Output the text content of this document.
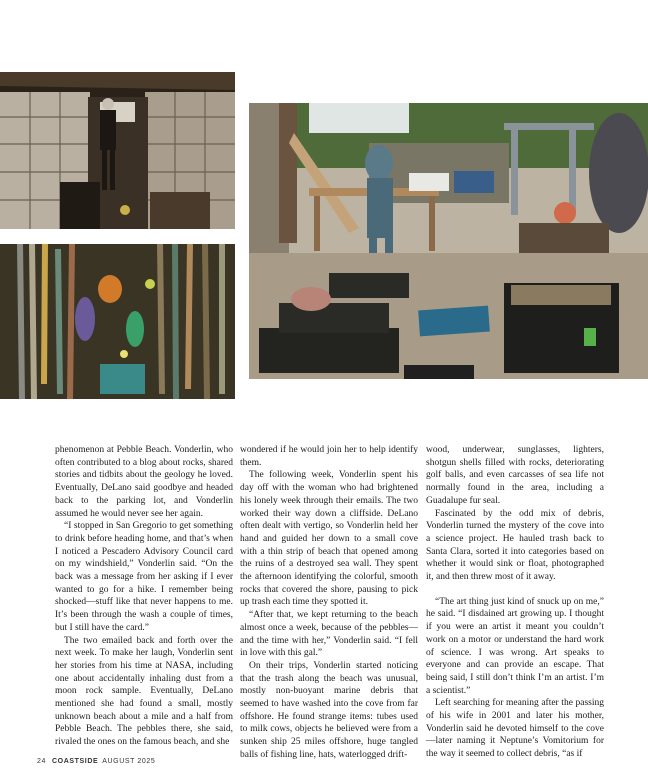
phenomenon at Pebble Beach. Vonderlin, who often contributed to a blog about rocks, shared stories and tidbits about the geology he loved. Eventually, DeLano said goodbye and headed back to the parking lot, and Vonderlin assumed he would never see her again.

“I stopped in San Gregorio to get something to drink before heading home, and that’s when I noticed a Pescadero Advisory Council card on my windshield,” Vonderlin said. “On the back was a message from her asking if I ever wanted to go for a hike. I remember being shocked—stuff like that never happens to me. It’s been through the wash a couple of times, but I still have the card.”

The two emailed back and forth over the next week. To make her laugh, Vonderlin sent her stories from his time at NASA, including one about accidentally inhaling dust from a moon rock sample. Eventually, DeLano mentioned she had found a small, mostly unknown beach about a mile and a half from Pebble Beach. The pebbles there, she said, rivaled the ones on the famous beach, and she

wondered if he would join her to help identify them.

The following week, Vonderlin spent his day off with the woman who had brightened his lonely week through their emails. The two worked their way down a cliffside. DeLano often dealt with vertigo, so Vonderlin held her hand and guided her down to a small cove with a thin strip of beach that opened among the ruins of a destroyed sea wall. They spent the afternoon identifying the colorful, smooth rocks that covered the shore, pausing to pick up trash each time they spotted it.

“After that, we kept returning to the beach almost once a week, because of the pebbles—and the time with her,” Vonderlin said. “I fell in love with this gal.”

On their trips, Vonderlin started noticing that the trash along the beach was unusual, mostly non-buoyant marine debris that seemed to have washed into the cove from far offshore. He found strange items: tubes used to milk cows, objects he believed were from a sunken ship 25 miles offshore, huge tangled balls of fishing line, hats, waterlogged drift-

wood, underwear, sunglasses, lighters, shotgun shells filled with rocks, deteriorating golf balls, and even carcasses of sea life not normally found in the area, including a Guadalupe fur seal.

Fascinated by the odd mix of debris, Vonderlin turned the mystery of the cove into a science project. He hauled trash back to Santa Clara, sorted it into categories based on whether it would sink or float, photographed it, and then threw most of it away.

“The art thing just kind of snuck up on me,” he said. “I disdained art growing up. I thought if you were an artist it meant you couldn’t work on a motor or understand the hard work of science. I was wrong. Art speaks to everyone and can provide an escape. That being said, I still don’t think I’m an artist. I’m a scientist.”

Left searching for meaning after the passing of his wife in 2001 and later his mother, Vonderlin said he devoted himself to the cove—later naming it Neptune’s Vomitorium for the way it seemed to collect debris, “as if

24 COASTSIDE AUGUST 2025
